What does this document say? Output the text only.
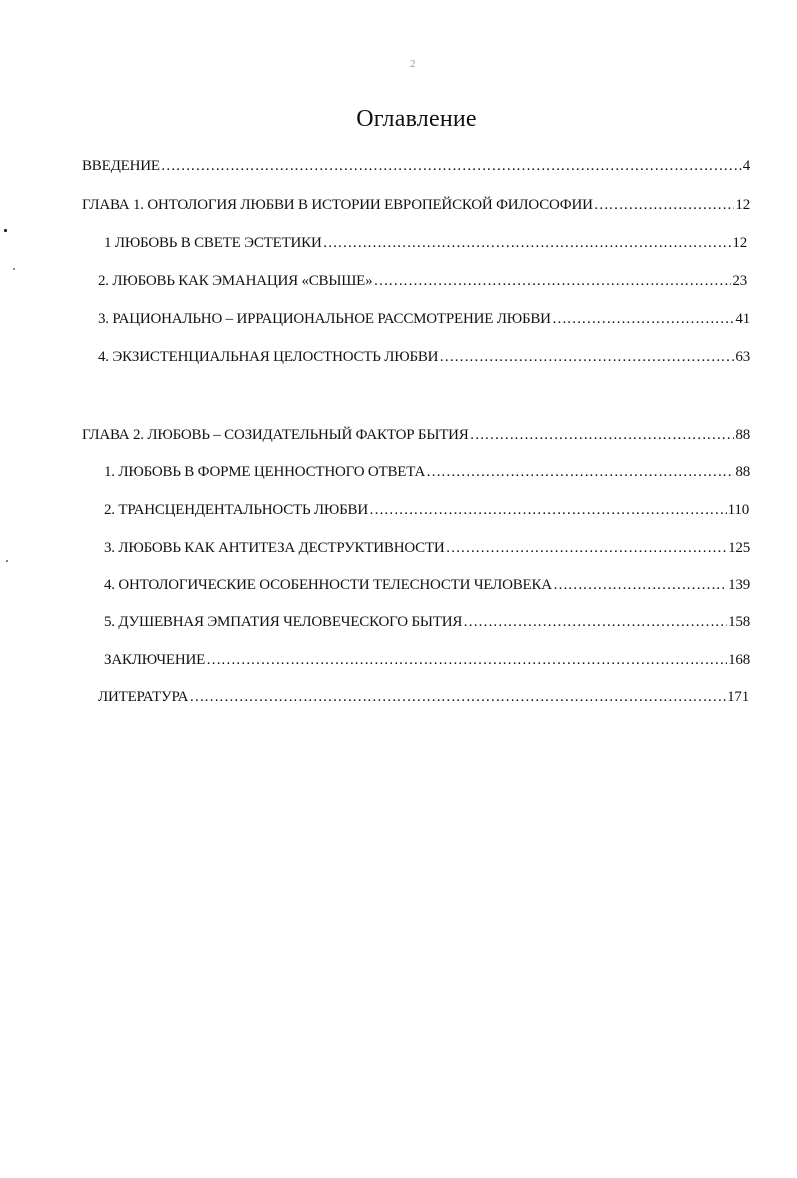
2
Оглавление
ВВЕДЕНИЕ ……………………………………………………………………………………………………………………………………………………	4
ГЛАВА 1. ОНТОЛОГИЯ ЛЮБВИ В ИСТОРИИ ЕВРОПЕЙСКОЙ ФИЛОСОФИИ ……………………………………………………………………………………………………………………………………………………	12
1 ЛЮБОВЬ В СВЕТЕ ЭСТЕТИКИ ……………………………………………………………………………………………………………………………………………………	12
2. ЛЮБОВЬ КАК ЭМАНАЦИЯ «СВЫШЕ» ……………………………………………………………………………………………………………………………………………………	23
3. РАЦИОНАЛЬНО – ИРРАЦИОНАЛЬНОЕ РАССМОТРЕНИЕ ЛЮБВИ ……………………………………………………………………………………………………………………………………………………	41
4. ЭКЗИСТЕНЦИАЛЬНАЯ ЦЕЛОСТНОСТЬ ЛЮБВИ ……………………………………………………………………………………………………………………………………………………	63
ГЛАВА 2. ЛЮБОВЬ – СОЗИДАТЕЛЬНЫЙ ФАКТОР БЫТИЯ ……………………………………………………………………………………………………………………………………………………	88
1. ЛЮБОВЬ В ФОРМЕ ЦЕННОСТНОГО ОТВЕТА ……………………………………………………………………………………………………………………………………………………	88
2. ТРАНСЦЕНДЕНТАЛЬНОСТЬ ЛЮБВИ ……………………………………………………………………………………………………………………………………………………	110
3. ЛЮБОВЬ КАК АНТИТЕЗА ДЕСТРУКТИВНОСТИ ……………………………………………………………………………………………………………………………………………………	125
4. ОНТОЛОГИЧЕСКИЕ ОСОБЕННОСТИ ТЕЛЕСНОСТИ ЧЕЛОВЕКА ……………………………………………………………………………………………………………………………………………………	139
5. ДУШЕВНАЯ ЭМПАТИЯ ЧЕЛОВЕЧЕСКОГО БЫТИЯ ……………………………………………………………………………………………………………………………………………………	158
ЗАКЛЮЧЕНИЕ ……………………………………………………………………………………………………………………………………………………	168
ЛИТЕРАТУРА ……………………………………………………………………………………………………………………………………………………	171
